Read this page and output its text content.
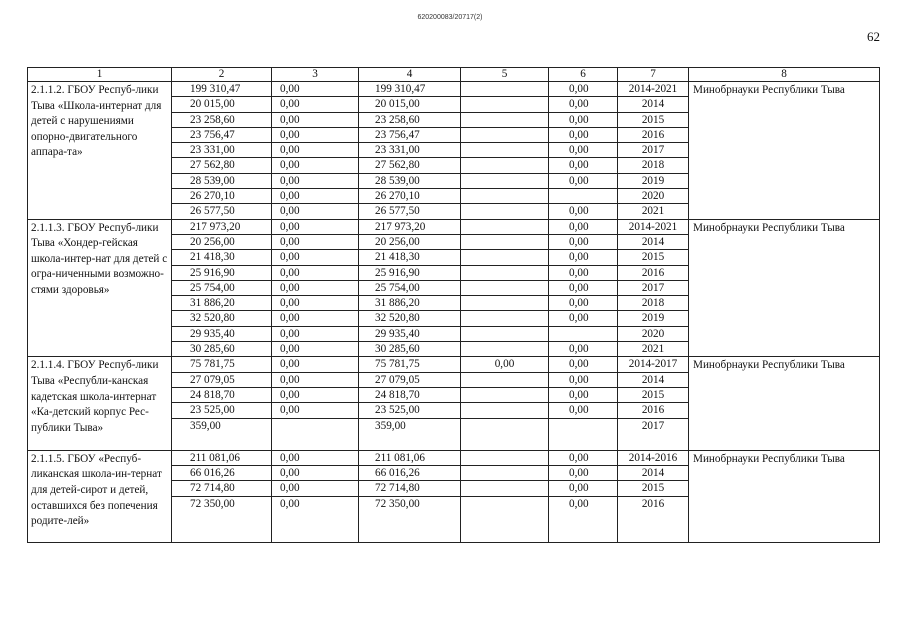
620200083/20717(2)
62
1	2	3	4	5	6	7	8
2.1.1.2. ГБОУ Респуб-лики Тыва «Школа-интернат для детей с нарушениями опорно-двигательного аппара-та»	199 310,47	0,00	199 310,47		0,00	2014-2021	Минобрнауки Республики Тыва
	20 015,00	0,00	20 015,00		0,00	2014	
	23 258,60	0,00	23 258,60		0,00	2015	
	23 756,47	0,00	23 756,47		0,00	2016	
	23 331,00	0,00	23 331,00		0,00	2017	
	27 562,80	0,00	27 562,80		0,00	2018	
	28 539,00	0,00	28 539,00		0,00	2019	
	26 270,10	0,00	26 270,10			2020	
	26 577,50	0,00	26 577,50		0,00	2021	
2.1.1.3. ГБОУ Респуб-лики Тыва «Хондер-гейская школа-интер-нат для детей с огра-ниченными возможно-стями здоровья»	217 973,20	0,00	217 973,20		0,00	2014-2021	Минобрнауки Республики Тыва
	20 256,00	0,00	20 256,00		0,00	2014	
	21 418,30	0,00	21 418,30		0,00	2015	
	25 916,90	0,00	25 916,90		0,00	2016	
	25 754,00	0,00	25 754,00		0,00	2017	
	31 886,20	0,00	31 886,20		0,00	2018	
	32 520,80	0,00	32 520,80		0,00	2019	
	29 935,40	0,00	29 935,40			2020	
	30 285,60	0,00	30 285,60		0,00	2021	
2.1.1.4. ГБОУ Респуб-лики Тыва «Республи-канская кадетская школа-интернат «Ка-детский корпус Рес-публики Тыва»	75 781,75	0,00	75 781,75	0,00	0,00	2014-2017	Минобрнауки Республики Тыва
	27 079,05	0,00	27 079,05		0,00	2014	
	24 818,70	0,00	24 818,70		0,00	2015	
	23 525,00	0,00	23 525,00		0,00	2016	
	359,00		359,00			2017	
2.1.1.5. ГБОУ «Респуб-ликанская школа-ин-тернат для детей-сирот и детей, оставшихся без попечения родите-лей»	211 081,06	0,00	211 081,06		0,00	2014-2016	Минобрнауки Республики Тыва
	66 016,26	0,00	66 016,26		0,00	2014	
	72 714,80	0,00	72 714,80		0,00	2015	
	72 350,00	0,00	72 350,00		0,00	2016	
